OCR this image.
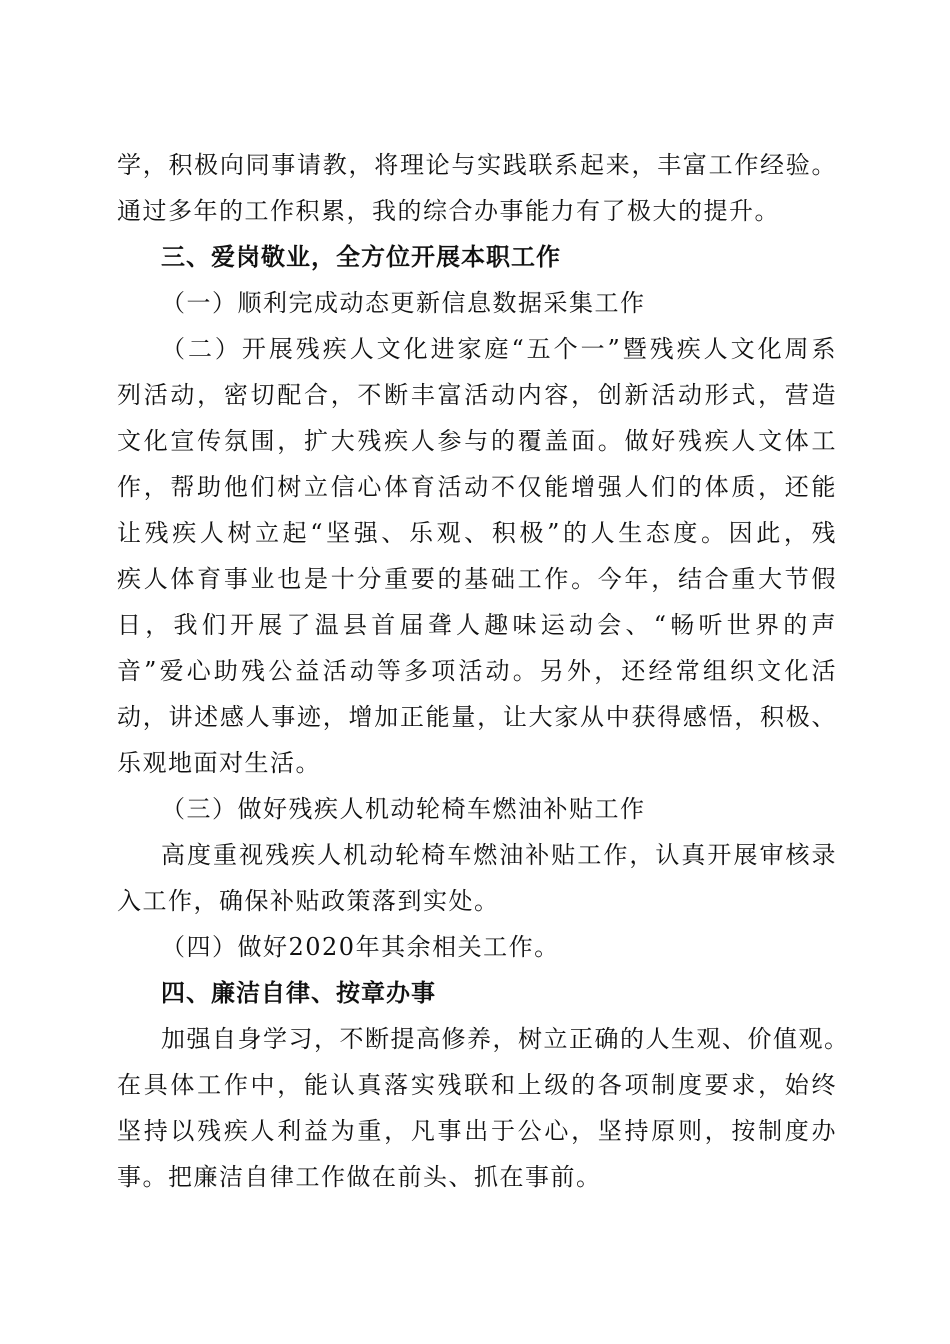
学，积极向同事请教，将理论与实践联系起来，丰富工作经验。
通过多年的工作积累，我的综合办事能力有了极大的提升。
三、爱岗敬业，全方位开展本职工作
（一）顺利完成动态更新信息数据采集工作
（二）开展残疾人文化进家庭“五个一”暨残疾人文化周系
列活动，密切配合，不断丰富活动内容，创新活动形式，营造
文化宣传氛围，扩大残疾人参与的覆盖面。做好残疾人文体工
作，帮助他们树立信心体育活动不仅能增强人们的体质，还能
让残疾人树立起“坚强、乐观、积极”的人生态度。因此，残
疾人体育事业也是十分重要的基础工作。今年，结合重大节假
日，我们开展了温县首届聋人趣味运动会、“畅听世界的声
音”爱心助残公益活动等多项活动。另外，还经常组织文化活
动，讲述感人事迹，增加正能量，让大家从中获得感悟，积极、
乐观地面对生活。
（三）做好残疾人机动轮椅车燃油补贴工作
高度重视残疾人机动轮椅车燃油补贴工作，认真开展审核录
入工作，确保补贴政策落到实处。
（四）做好2020年其余相关工作。
四、廉洁自律、按章办事
加强自身学习，不断提高修养，树立正确的人生观、价值观。
在具体工作中，能认真落实残联和上级的各项制度要求，始终
坚持以残疾人利益为重，凡事出于公心，坚持原则，按制度办
事。把廉洁自律工作做在前头、抓在事前。
